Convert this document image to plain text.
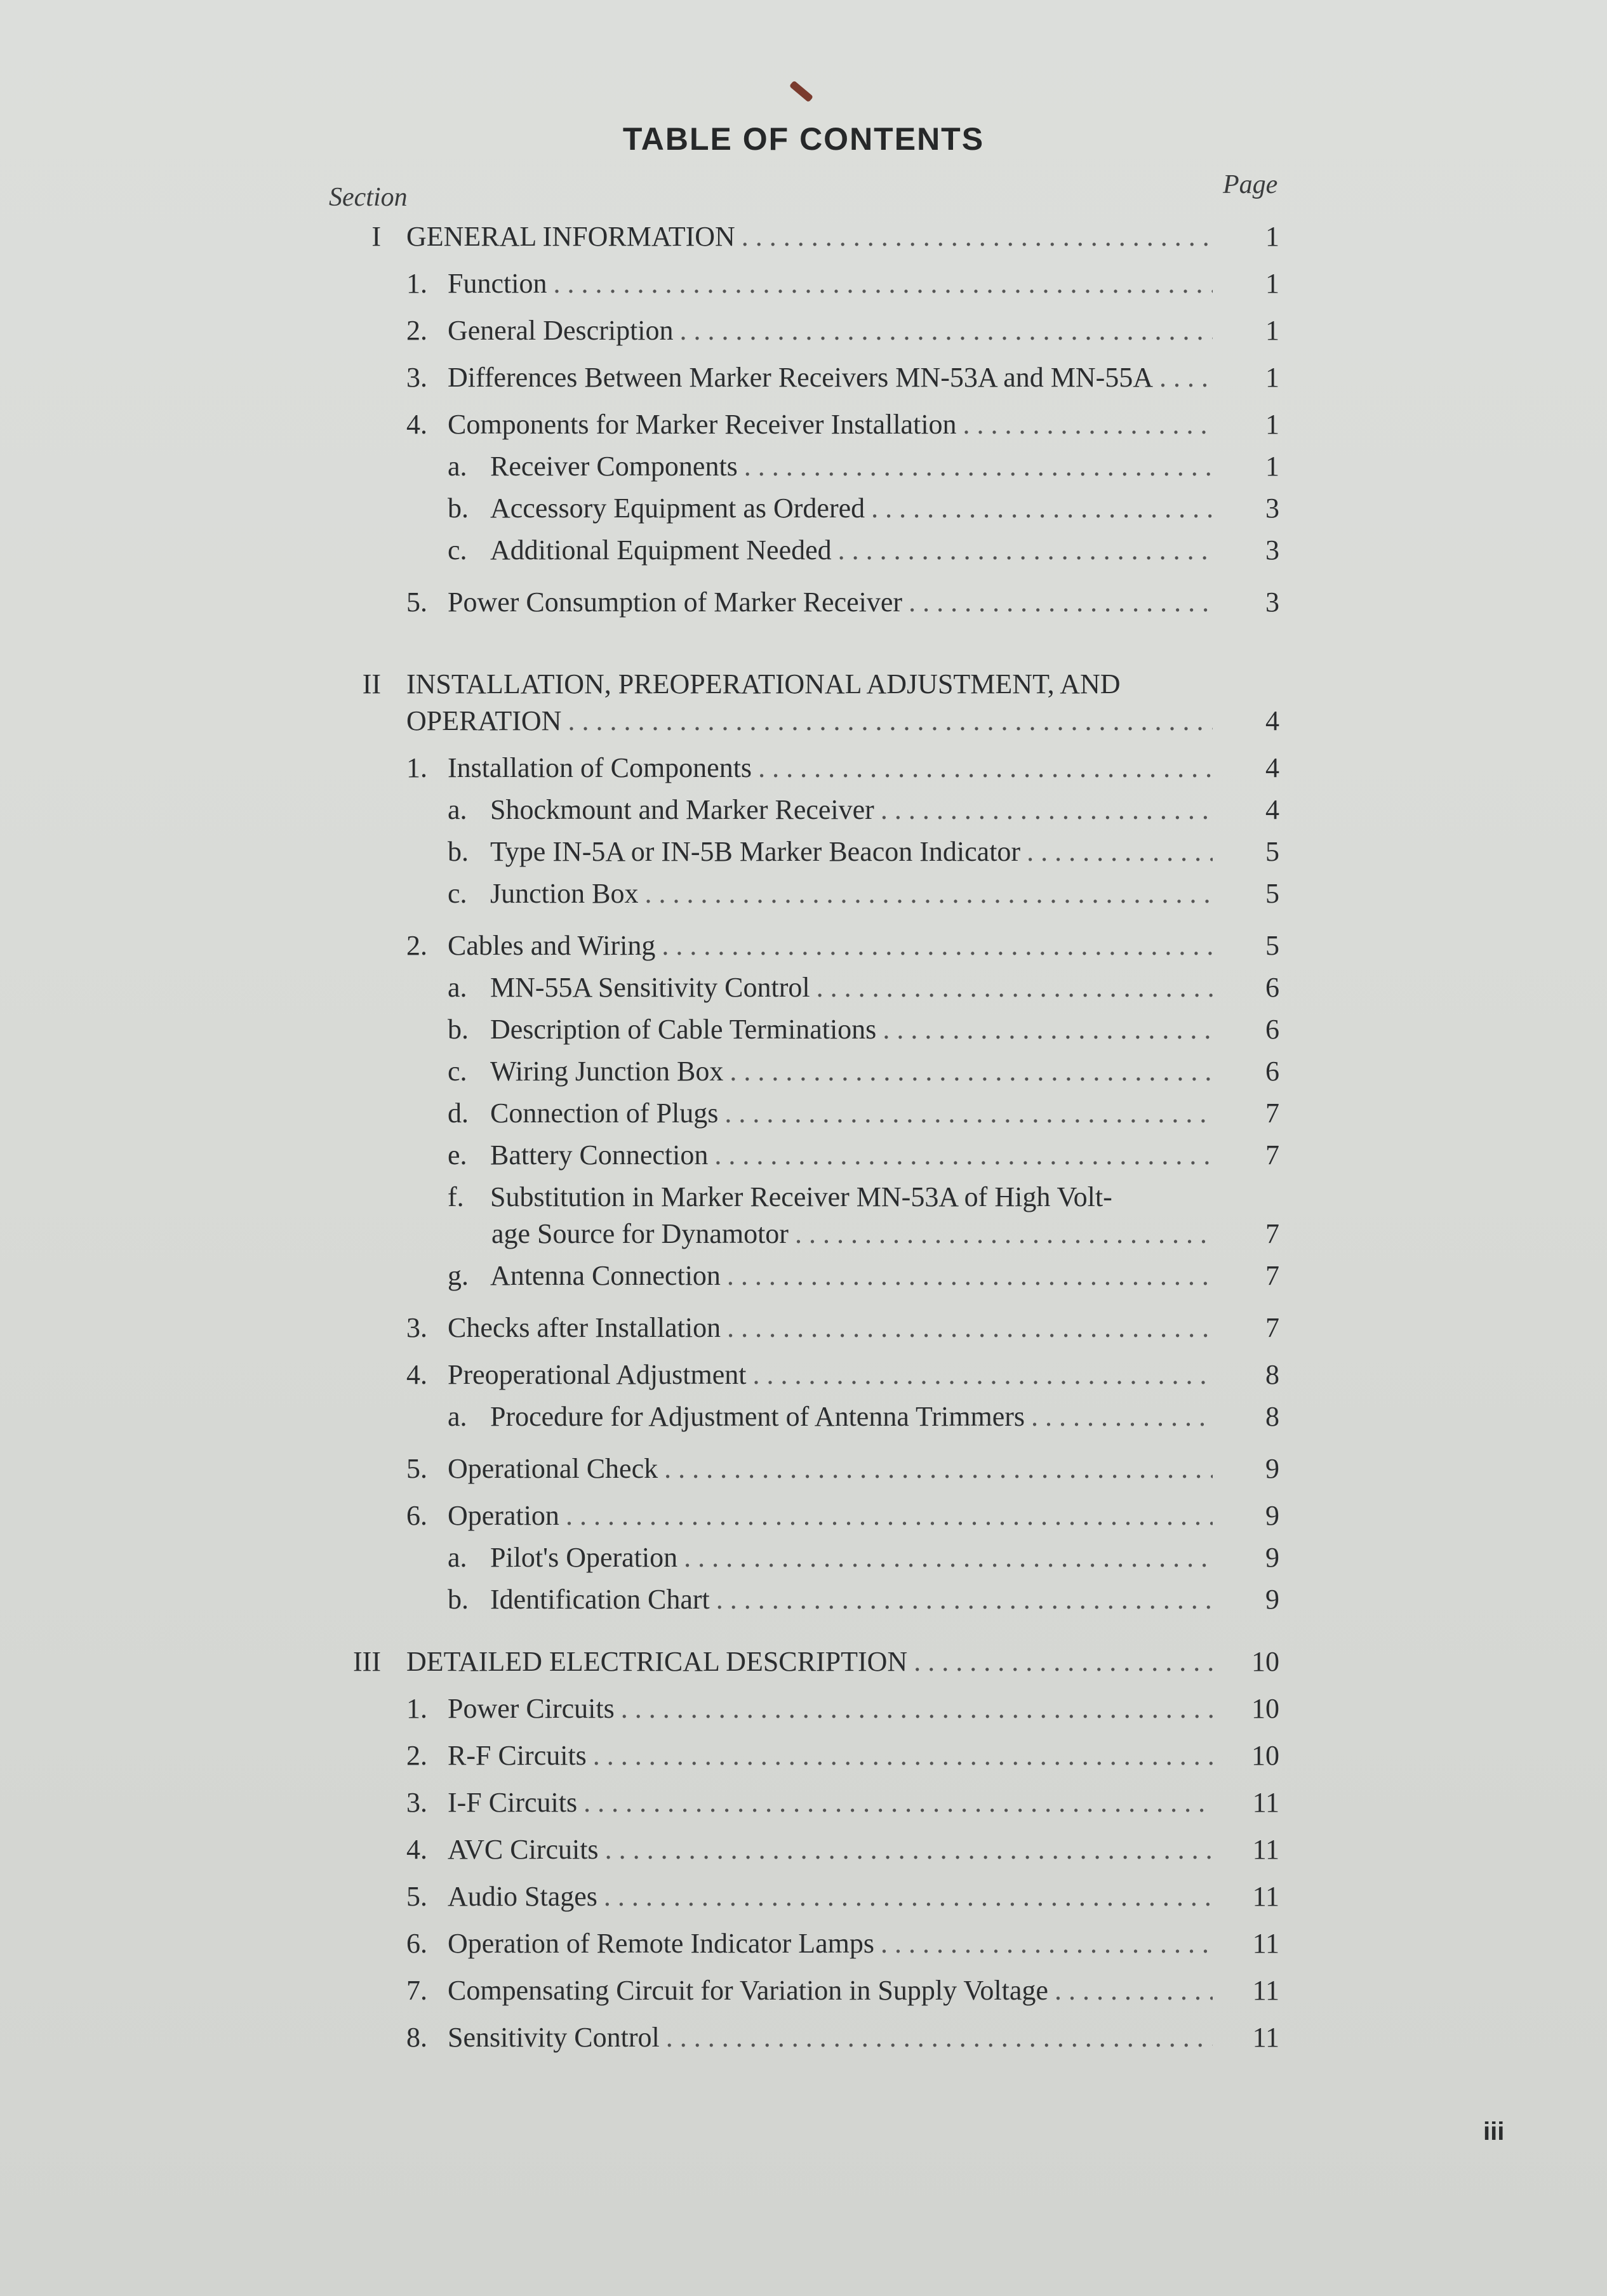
TABLE OF CONTENTS
Section	Page
I GENERAL INFORMATION . . .	1
1. Function . . .	1
2. General Description . . .	1
3. Differences Between Marker Receivers MN-53A and MN-55A . . .	1
4. Components for Marker Receiver Installation . . .	1
a. Receiver Components . . .	1
b. Accessory Equipment as Ordered . . .	3
c. Additional Equipment Needed . . .	3
5. Power Consumption of Marker Receiver . . .	3
II INSTALLATION, PREOPERATIONAL ADJUSTMENT, AND
OPERATION . . .	4
1. Installation of Components . . .	4
a. Shockmount and Marker Receiver . . .	4
b. Type IN-5A or IN-5B Marker Beacon Indicator . . .	5
c. Junction Box . . .	5
2. Cables and Wiring . . .	5
a. MN-55A Sensitivity Control . . .	6
b. Description of Cable Terminations . . .	6
c. Wiring Junction Box . . .	6
d. Connection of Plugs . . .	7
e. Battery Connection . . .	7
f. Substitution in Marker Receiver MN-53A of High Volt-
age Source for Dynamotor . . .	7
g. Antenna Connection . . .	7
3. Checks after Installation . . .	7
4. Preoperational Adjustment . . .	8
a. Procedure for Adjustment of Antenna Trimmers . . .	8
5. Operational Check . . .	9
6. Operation . . .	9
a. Pilot's Operation . . .	9
b. Identification Chart . . .	9
III DETAILED ELECTRICAL DESCRIPTION . . .	10
1. Power Circuits . . .	10
2. R-F Circuits . . .	10
3. I-F Circuits . . .	11
4. AVC Circuits . . .	11
5. Audio Stages . . .	11
6. Operation of Remote Indicator Lamps . . .	11
7. Compensating Circuit for Variation in Supply Voltage . . .	11
8. Sensitivity Control . . .	11
iii
